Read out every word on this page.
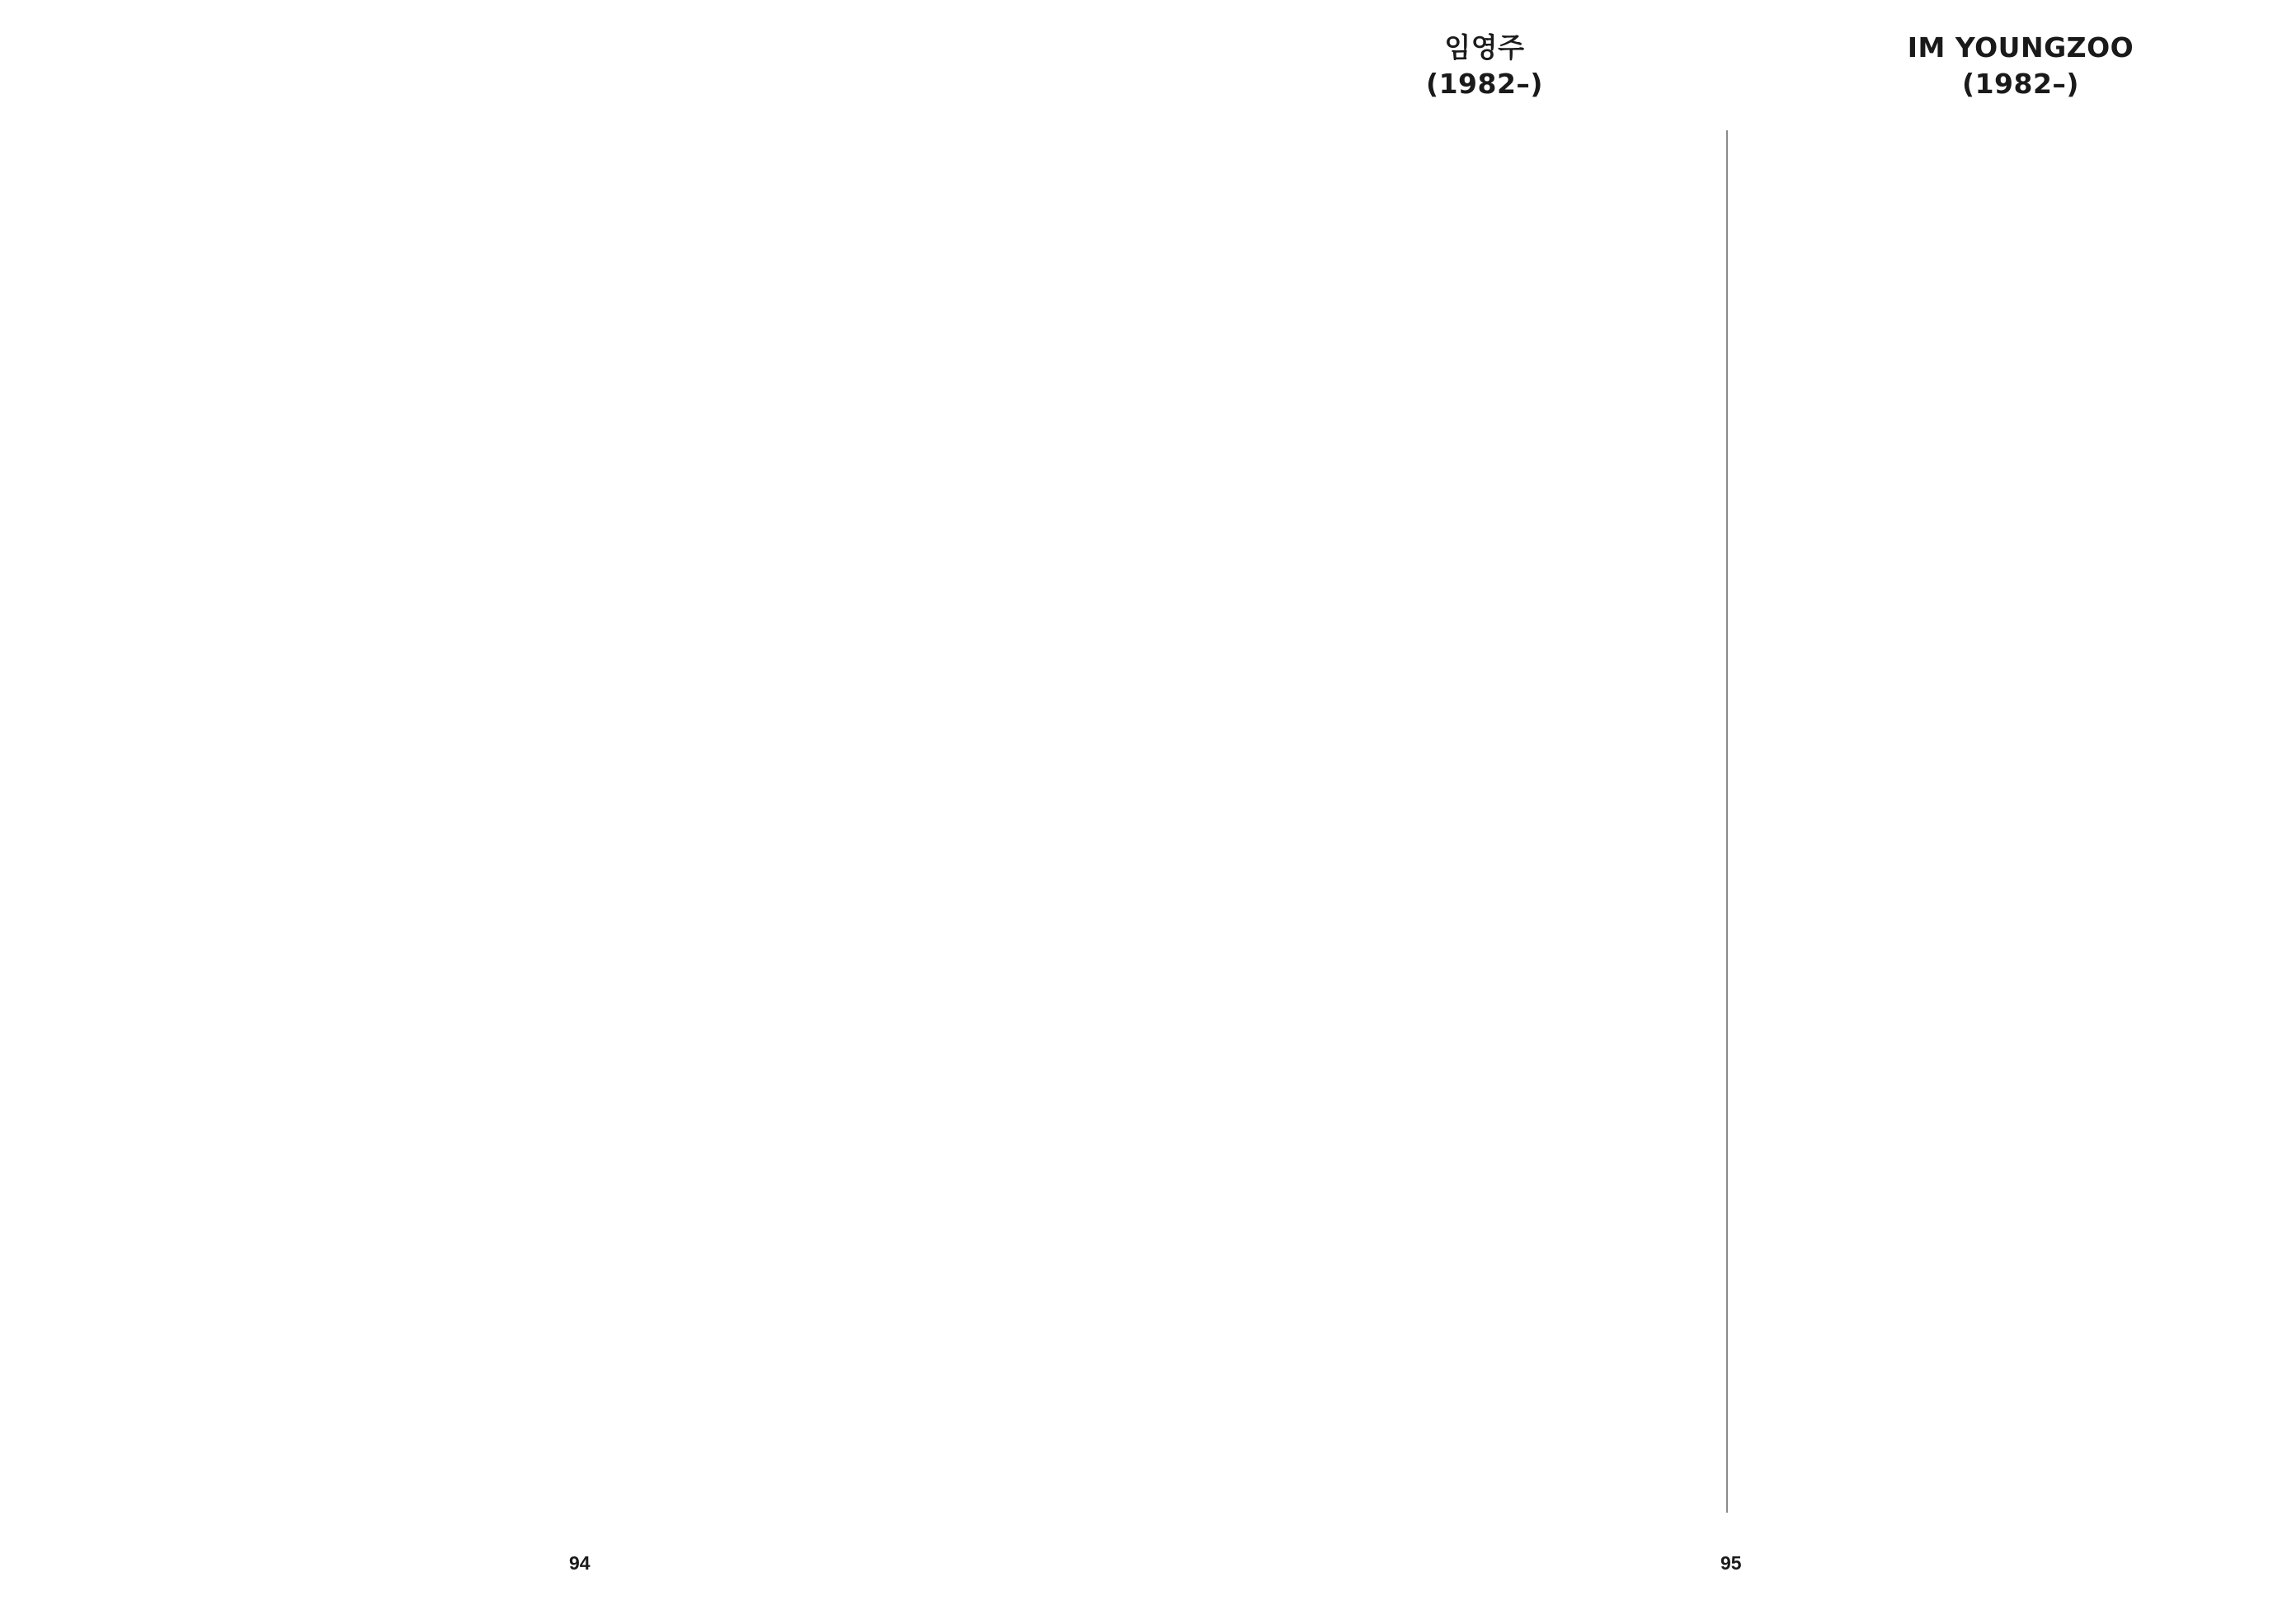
94	95
임영주
(1982–)
IM YOUNGZOO
(1982–)
